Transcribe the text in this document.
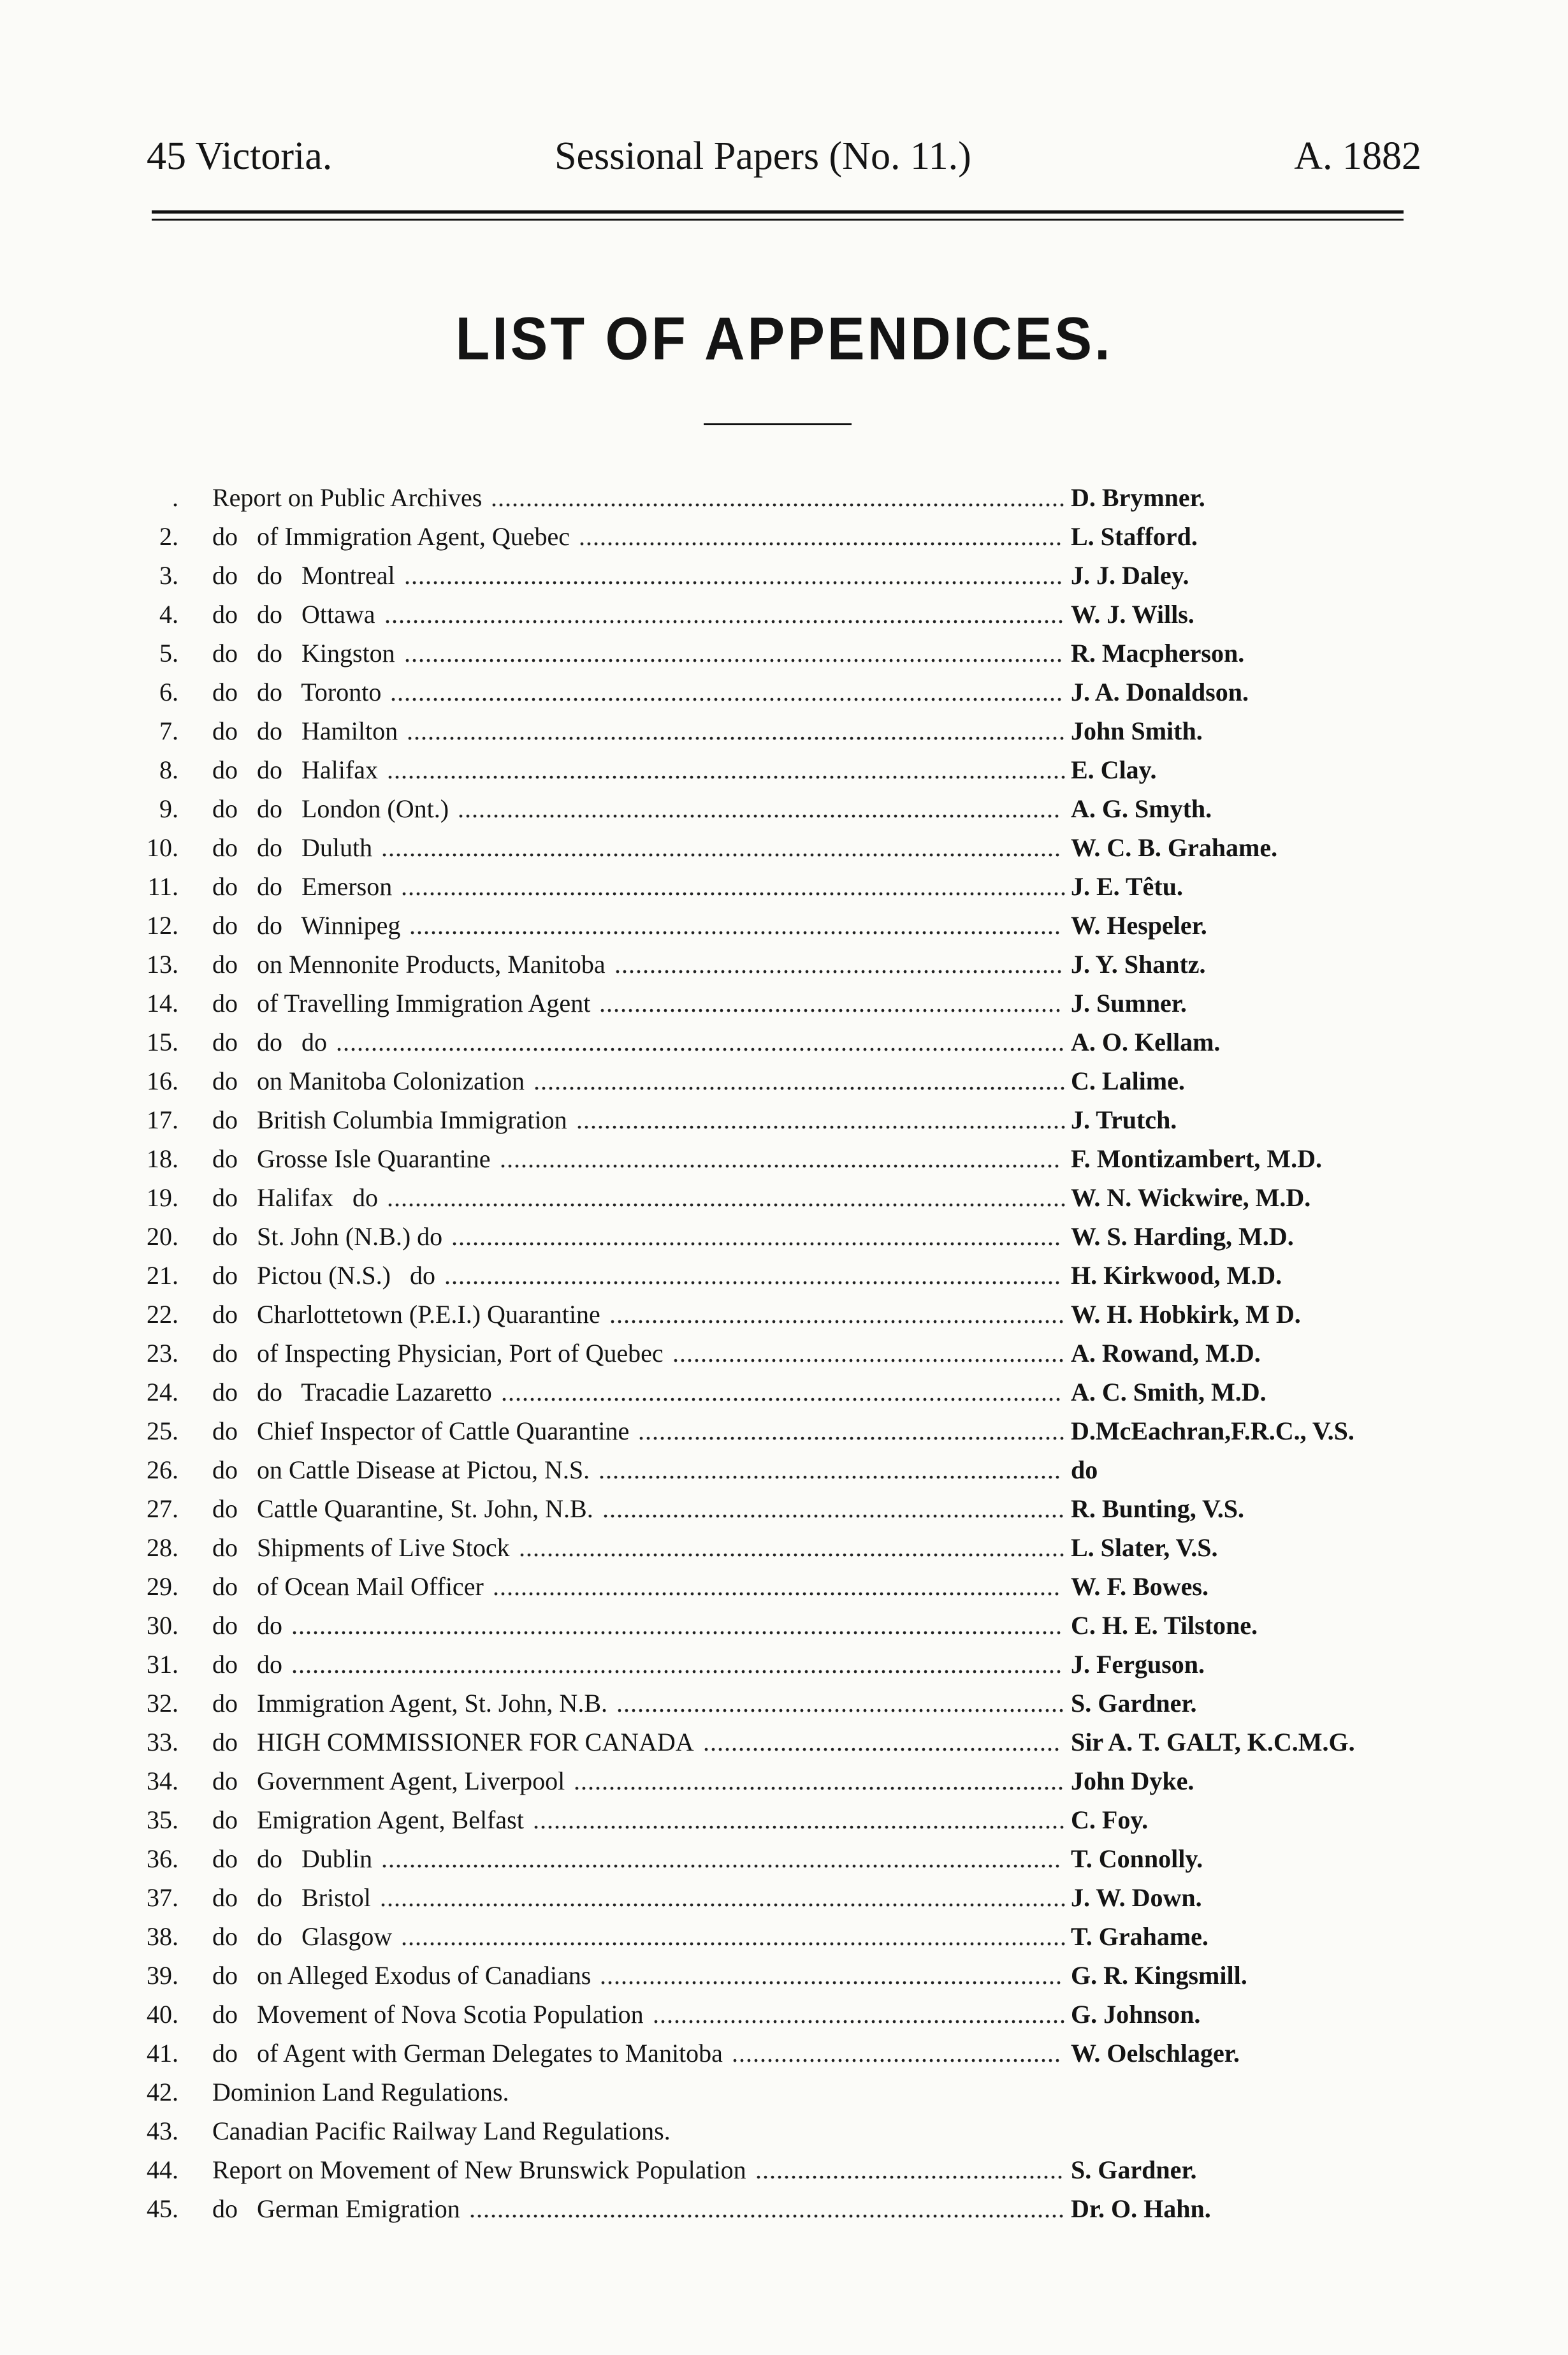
45 Victoria.	Sessional Papers (No. 11.)	A. 1882
LIST OF APPENDICES.
. Report on Public Archives .................................................................................. D. Brymner.
2. do   of Immigration Agent, Quebec ..................................................................... L. Stafford.
3. do   do   Montreal .............................................................................................. J. J. Daley.
4. do   do   Ottawa ................................................................................................. W. J. Wills.
5. do   do   Kingston .............................................................................................. R. Macpherson.
6. do   do   Toronto ................................................................................................ J. A. Donaldson.
7. do   do   Hamilton .............................................................................................. John Smith.
8. do   do   Halifax ................................................................................................. E. Clay.
9. do   do   London (Ont.) ...................................................................................... A. G. Smyth.
10. do   do   Duluth ................................................................................................. W. C. B. Grahame.
11. do   do   Emerson ............................................................................................... J. E. Têtu.
12. do   do   Winnipeg ............................................................................................. W. Hespeler.
13. do   on Mennonite Products, Manitoba ................................................................ J. Y. Shantz.
14. do   of Travelling Immigration Agent .................................................................. J. Sumner.
15. do   do   do ........................................................................................................ A. O. Kellam.
16. do   on Manitoba Colonization ............................................................................ C. Lalime.
17. do   British Columbia Immigration ...................................................................... J. Trutch.
18. do   Grosse Isle Quarantine ................................................................................ F. Montizambert, M.D.
19. do   Halifax   do ................................................................................................. W. N. Wickwire, M.D.
20. do   St. John (N.B.) do ....................................................................................... W. S. Harding, M.D.
21. do   Pictou (N.S.)   do ........................................................................................ H. Kirkwood, M.D.
22. do   Charlottetown (P.E.I.) Quarantine ................................................................. W. H. Hobkirk, M D.
23. do   of Inspecting Physician, Port of Quebec ........................................................ A. Rowand, M.D.
24. do   do   Tracadie Lazaretto ................................................................................ A. C. Smith, M.D.
25. do   Chief Inspector of Cattle Quarantine ............................................................. D.McEachran,F.R.C., V.S.
26. do   on Cattle Disease at Pictou, N.S. .................................................................. do
27. do   Cattle Quarantine, St. John, N.B. .................................................................. R. Bunting, V.S.
28. do   Shipments of Live Stock .............................................................................. L. Slater, V.S.
29. do   of Ocean Mail Officer ................................................................................. W. F. Bowes.
30. do   do .............................................................................................................. C. H. E. Tilstone.
31. do   do .............................................................................................................. J. Ferguson.
32. do   Immigration Agent, St. John, N.B. ................................................................ S. Gardner.
33. do   HIGH COMMISSIONER FOR CANADA ................................................... Sir A. T. GALT, K.C.M.G.
34. do   Government Agent, Liverpool ...................................................................... John Dyke.
35. do   Emigration Agent, Belfast ............................................................................ C. Foy.
36. do   do   Dublin ................................................................................................. T. Connolly.
37. do   do   Bristol .................................................................................................. J. W. Down.
38. do   do   Glasgow ............................................................................................... T. Grahame.
39. do   on Alleged Exodus of Canadians .................................................................. G. R. Kingsmill.
40. do   Movement of Nova Scotia Population ........................................................... G. Johnson.
41. do   of Agent with German Delegates to Manitoba ............................................... W. Oelschlager.
42. Dominion Land Regulations.
43. Canadian Pacific Railway Land Regulations.
44. Report on Movement of New Brunswick Population ............................................ S. Gardner.
45. do   German Emigration ..................................................................................... Dr. O. Hahn.
